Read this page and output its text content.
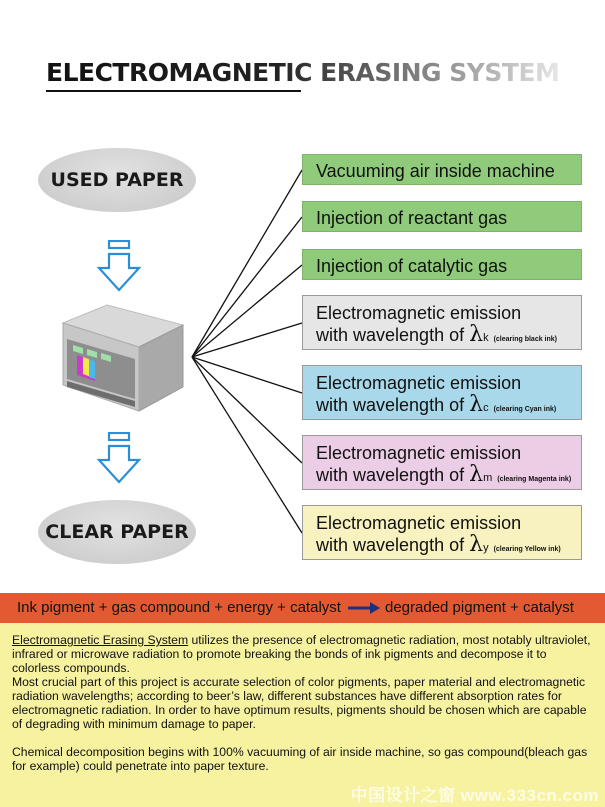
ELECTROMAGNETIC ERASING SYSTEM
USED PAPER
CLEAR PAPER
Vacuuming air inside machine
Injection of reactant gas
Injection of catalytic gas
Electromagnetic emission
with wavelength of λk (clearing black ink)
Electromagnetic emission
with wavelength of λc (clearing Cyan ink)
Electromagnetic emission
with wavelength of λm (clearing Magenta ink)
Electromagnetic emission
with wavelength of λy (clearing Yellow ink)
Ink pigment + gas compound + energy + catalyst	degraded pigment + catalyst

Electromagnetic Erasing System utilizes the presence of electromagnetic radiation, most notably ultraviolet, infrared or microwave radiation to promote breaking the bonds of ink pigments and decompose it to colorless compounds.

Most crucial part of this project is accurate selection of color pigments, paper material and electromagnetic radiation wavelengths; according to beer’s law, different substances have different absorption rates for electromagnetic radiation. In order to have optimum results, pigments should be chosen which are capable of degrading with minimum damage to paper.

Chemical decomposition begins with 100% vacuuming of air inside machine, so gas compound(bleach gas for example) could penetrate into paper texture.

中国设计之窗 www.333cn.com
